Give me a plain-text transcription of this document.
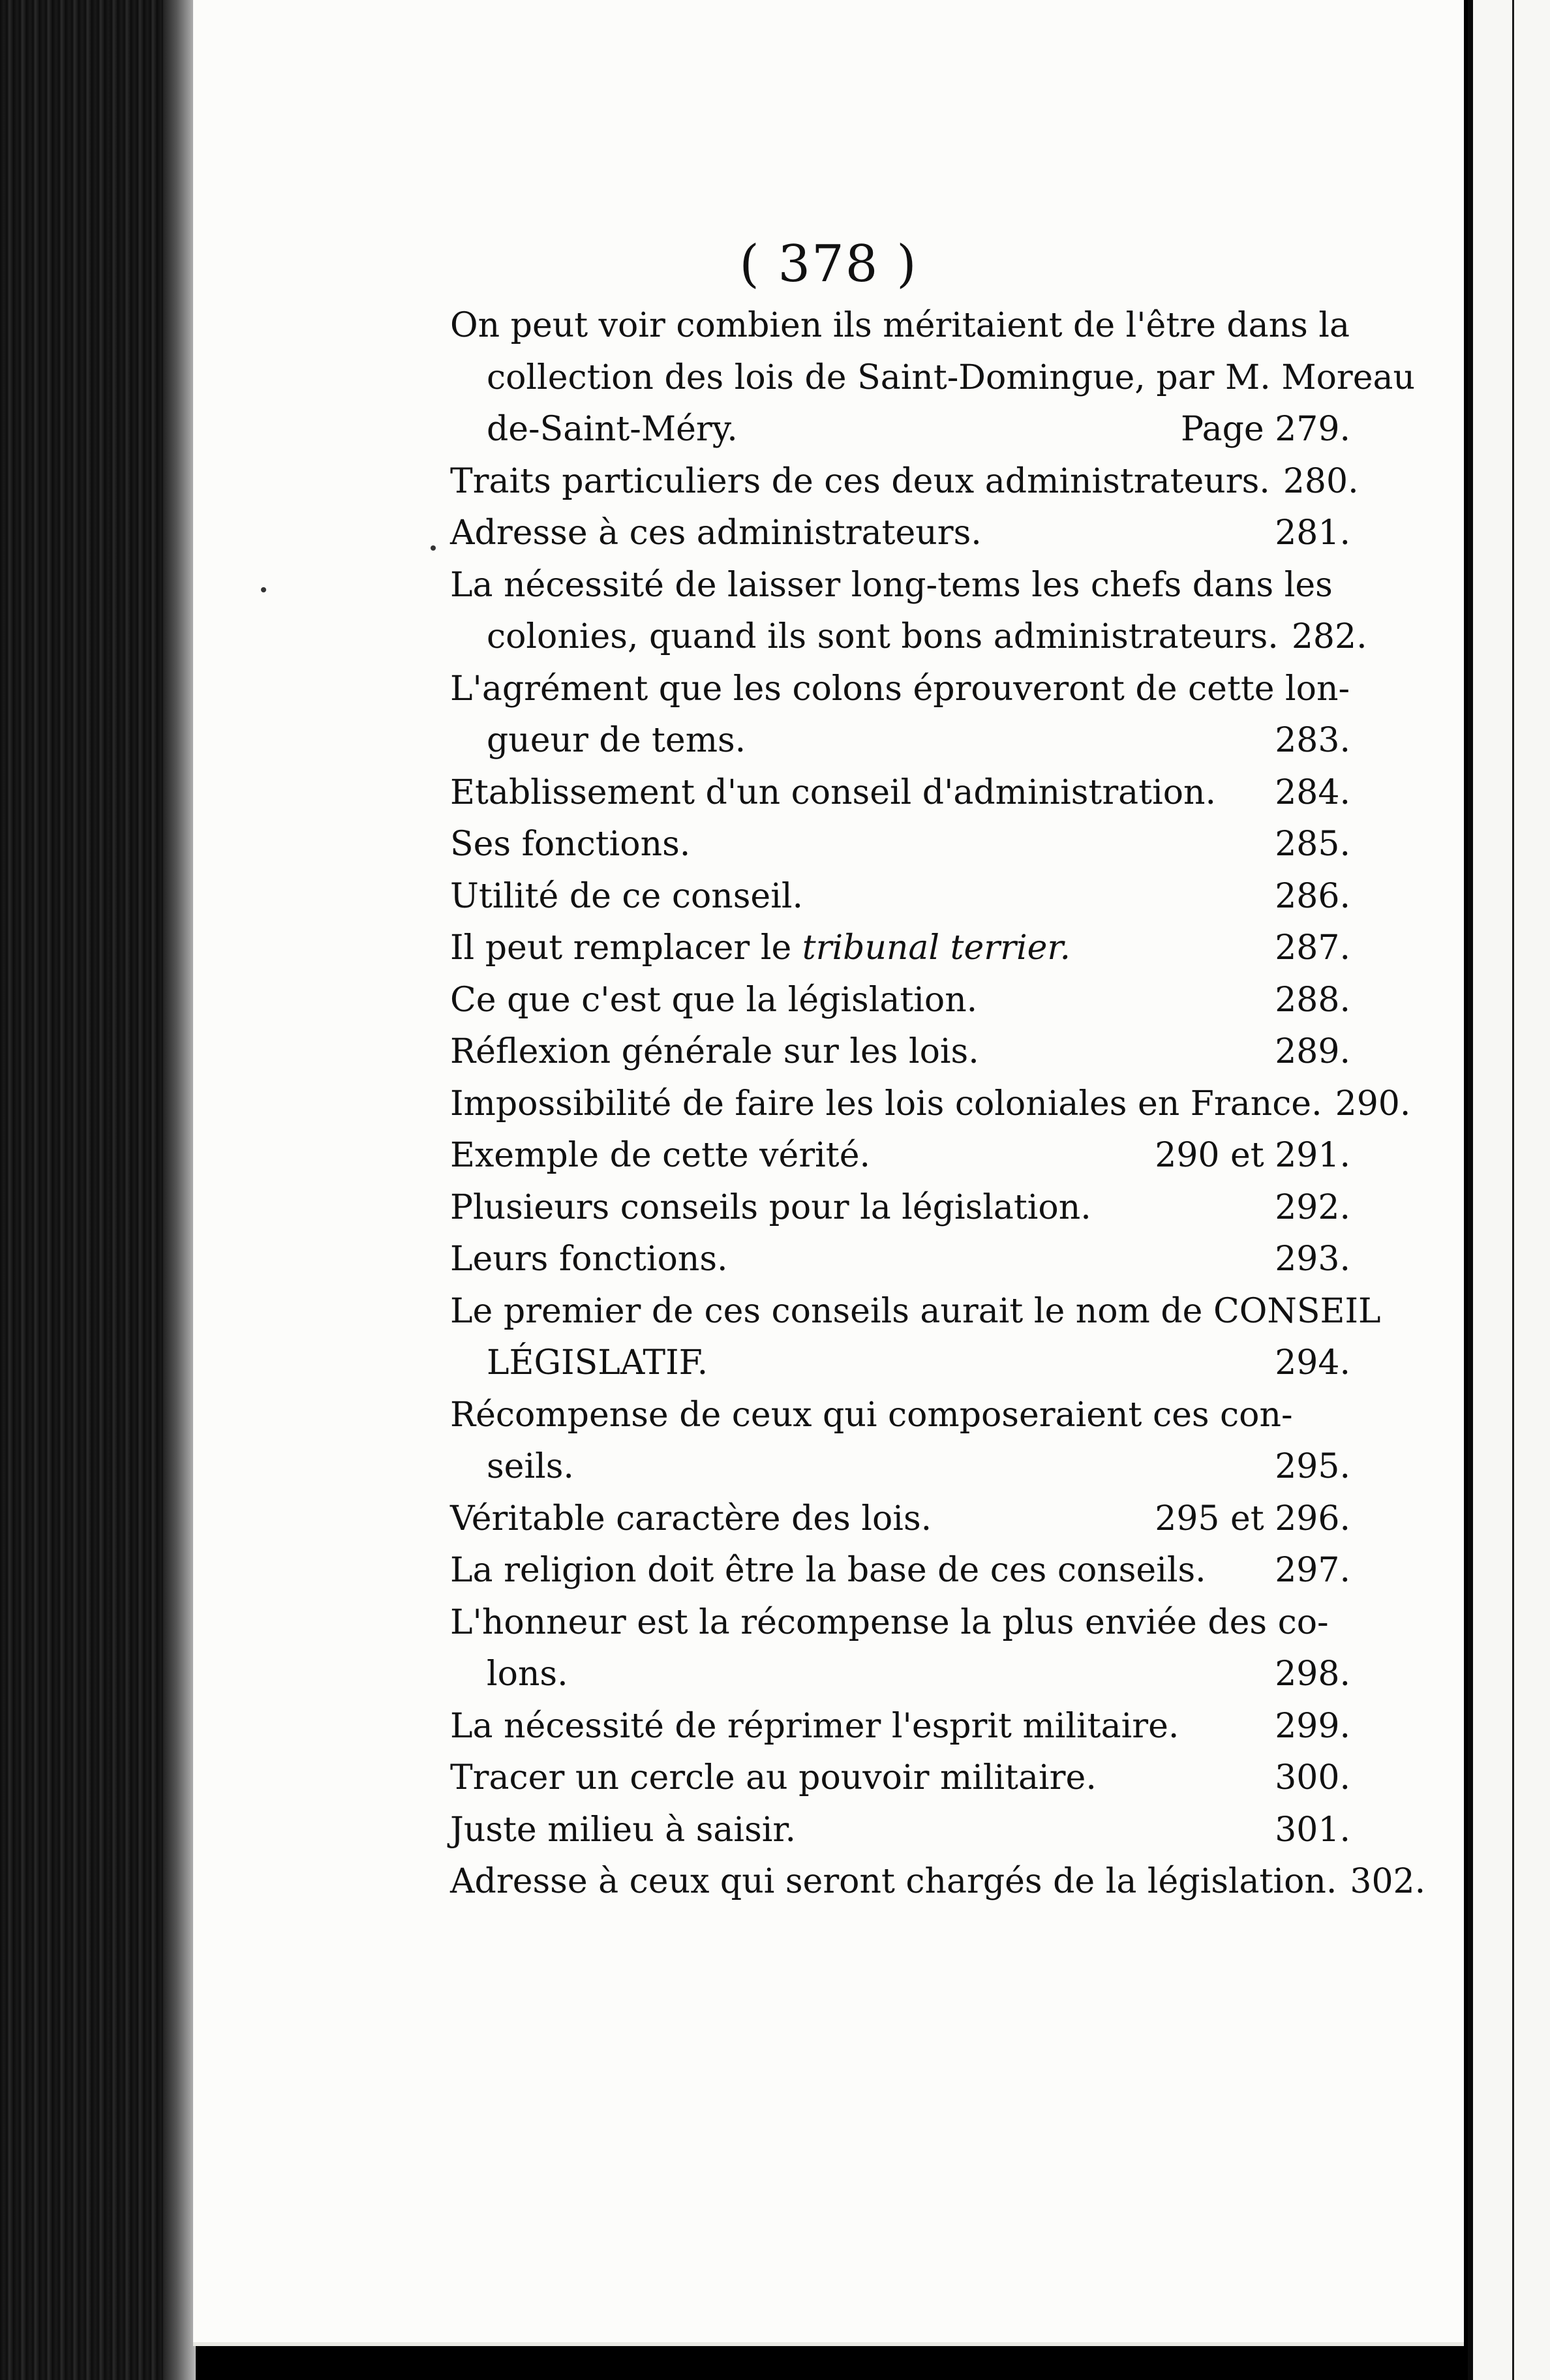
( 378 )
On peut voir combien ils méritaient de l'être dans la
collection des lois de Saint-Domingue, par M. Moreau
de-Saint-Méry.	Page 279.
Traits particuliers de ces deux administrateurs. 280.
Adresse à ces administrateurs.	281.
La nécessité de laisser long-tems les chefs dans les
colonies, quand ils sont bons administrateurs. 282.
L'agrément que les colons éprouveront de cette lon-
gueur de tems.	283.
Etablissement d'un conseil d'administration.	284.
Ses fonctions.	285.
Utilité de ce conseil.	286.
Il peut remplacer le tribunal terrier.	287.
Ce que c'est que la législation.	288.
Réflexion générale sur les lois.	289.
Impossibilité de faire les lois coloniales en France. 290.
Exemple de cette vérité.	290 et 291.
Plusieurs conseils pour la législation.	292.
Leurs fonctions.	293.
Le premier de ces conseils aurait le nom de CONSEIL
LÉGISLATIF.	294.
Récompense de ceux qui composeraient ces con-
seils.	295.
Véritable caractère des lois.	295 et 296.
La religion doit être la base de ces conseils.	297.
L'honneur est la récompense la plus enviée des co-
lons.	298.
La nécessité de réprimer l'esprit militaire.	299.
Tracer un cercle au pouvoir militaire.	300.
Juste milieu à saisir.	301.
Adresse à ceux qui seront chargés de la législation. 302.
